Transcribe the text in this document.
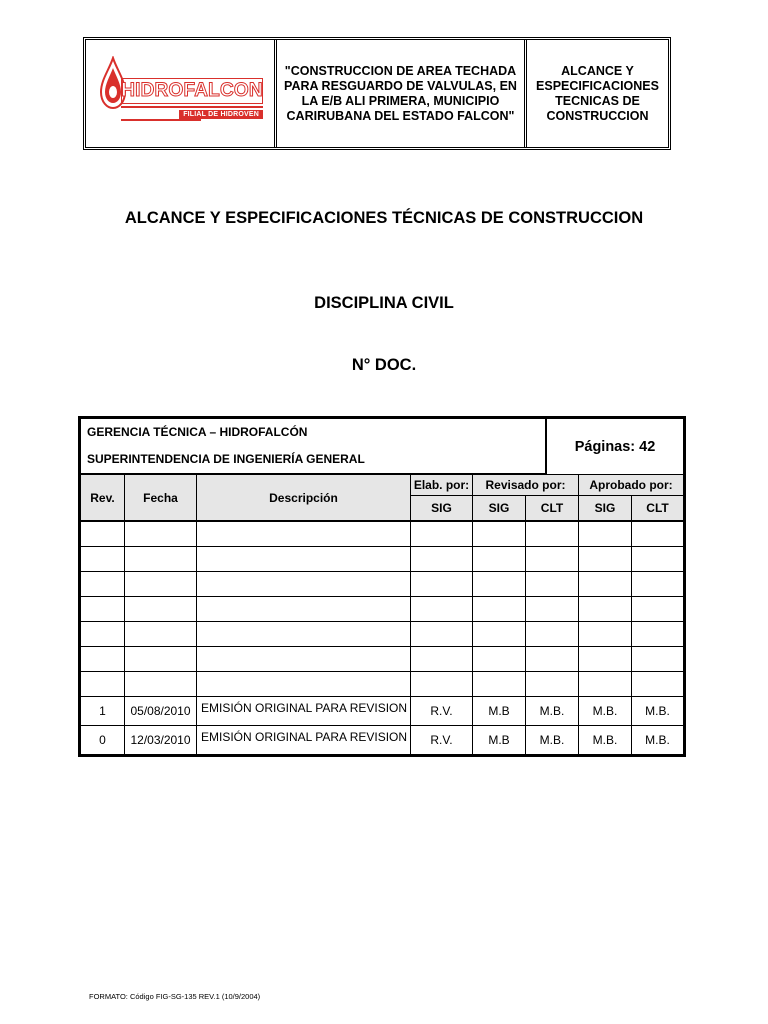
HIDROFALCON
FILIAL DE HIDROVEN
"CONSTRUCCION DE AREA TECHADA PARA RESGUARDO DE VALVULAS, EN LA E/B ALI PRIMERA, MUNICIPIO CARIRUBANA DEL ESTADO FALCON"
ALCANCE Y ESPECIFICACIONES TECNICAS DE CONSTRUCCION
ALCANCE Y ESPECIFICACIONES TÉCNICAS DE CONSTRUCCION
DISCIPLINA CIVIL
N° DOC.
GERENCIA TÉCNICA – HIDROFALCÓN						
SUPERINTENDENCIA DE INGENIERÍA GENERAL							
Rev.	Fecha	Descripción	Elab. por:	Revisado por:		Aprobado por:	
			SIG	SIG	CLT	SIG	CLT

1	05/08/2010	EMISIÓN ORIGINAL PARA REVISION	R.V.	M.B	M.B.	M.B.	M.B.
0	12/03/2010	EMISIÓN ORIGINAL PARA REVISION	R.V.	M.B	M.B.	M.B.	M.B.
Páginas: 42
FORMATO: Código FIG-SG-135 REV.1 (10/9/2004)
